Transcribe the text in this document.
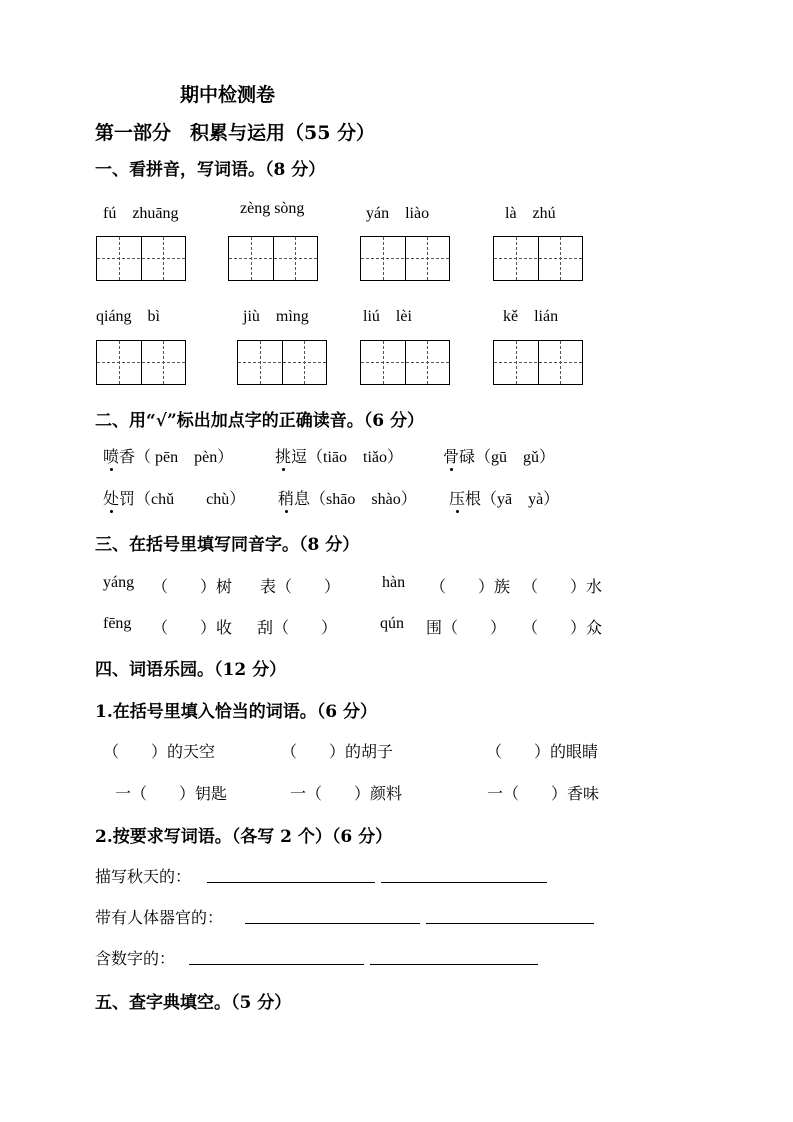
期中检测卷
第一部分　积累与运用（55 分）
一、看拼音，写词语。（8 分）
fú　zhuāng	zèng sòng	yán　liào	là　zhú
qiáng　bì	jiù　mìng	liú　lèi	kě　lián
二、用“√”标出加点字的正确读音。（6 分）
喷香（ pēn　pèn）	挑逗（tiāo　tiǎo） 骨碌（gū　gǔ）
处罚（chǔ　　chù） 稍息（shāo　shào） 压根（yā　yà）
三、在括号里填写同音字。（8 分）
yáng （　　）树 表（　　）	hàn （　　）族 （　　）水
fēng （　　）收 刮（　　）	qún 围（　　） （　　）众
四、词语乐园。（12 分）
1.在括号里填入恰当的词语。（6 分）
（　　）的天空	（　　）的胡子	（　　）的眼睛
一（　　）钥匙	一（　　）颜料	一（　　）香味
2.按要求写词语。（各写 2 个）（6 分）
描写秋天的：
带有人体器官的：
含数字的：
五、查字典填空。（5 分）
